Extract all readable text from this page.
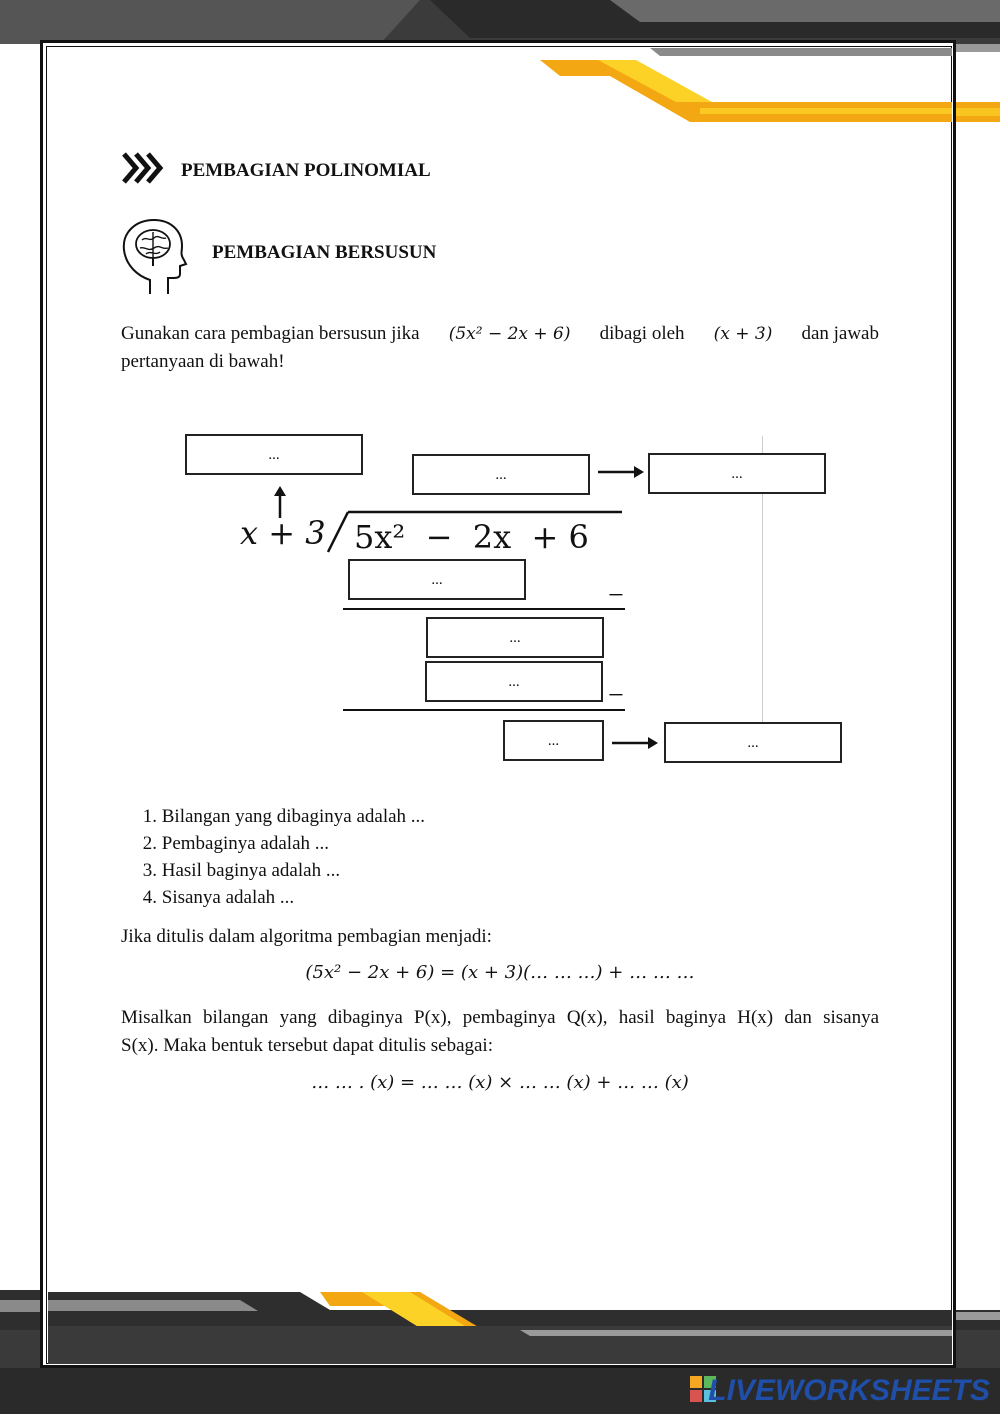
PEMBAGIAN POLINOMIAL
PEMBAGIAN BERSUSUN
Gunakan cara pembagian bersusun jika (5x² − 2x + 6) dibagi oleh (x + 3) dan jawab
pertanyaan di bawah!
...
...	...
x + 3 5x²  −  2x  + 6
...	−
...
...	−
...	...
1. Bilangan yang dibaginya adalah ...
2. Pembaginya adalah ...
3. Hasil baginya adalah ...
4. Sisanya adalah ...
Jika ditulis dalam algoritma pembagian menjadi:
(5x² − 2x + 6) = (x + 3)(… … …) + … … …
Misalkan bilangan yang dibaginya P(x), pembaginya Q(x), hasil baginya H(x) dan sisanya
S(x). Maka bentuk tersebut dapat ditulis sebagai:
… … . (x) = … … (x) × … … (x) + … … (x)
LIVEWORKSHEETS
